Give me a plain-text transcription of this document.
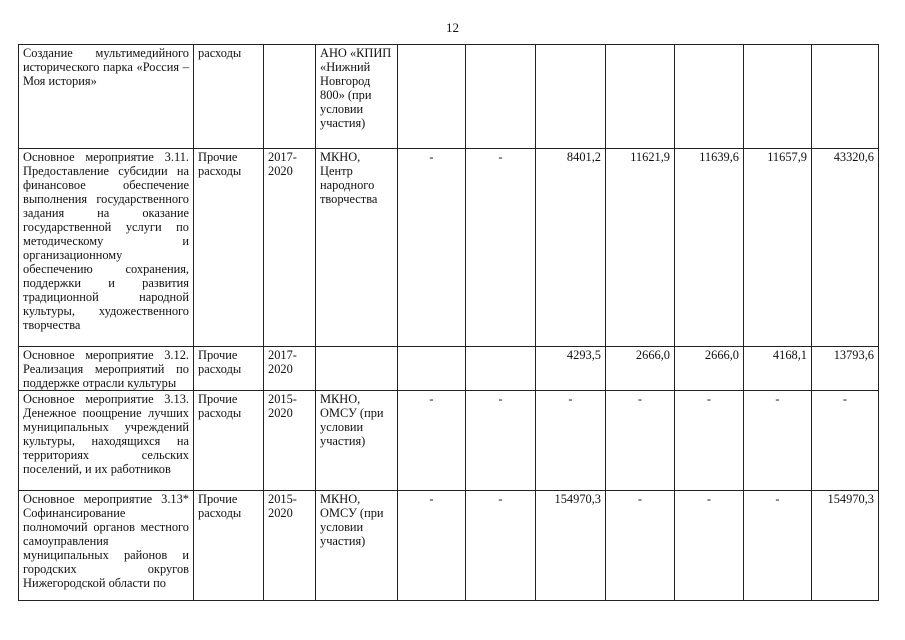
12
Создание мультимедийного исторического парка «Россия – Моя история»	расходы		АНО «КПИП «Нижний Новгород 800» (при условии участия)							
Основное мероприятие 3.11. Предоставление субсидии на финансовое обеспечение выполнения государственного задания на оказание государственной услуги по методическому и организационному обеспечению сохранения, поддержки и развития традиционной народной культуры, художественного творчества	Прочие расходы	2017-2020	МКНО, Центр народного творчества	-	-	8401,2	11621,9	11639,6	11657,9	43320,6
Основное мероприятие 3.12. Реализация мероприятий по поддержке отрасли культуры	Прочие расходы	2017-2020				4293,5	2666,0	2666,0	4168,1	13793,6
Основное мероприятие 3.13. Денежное поощрение лучших муниципальных учреждений культуры, находящихся на территориях сельских поселений, и их работников	Прочие расходы	2015-2020	МКНО, ОМСУ (при условии участия)	-	-	-	-	-	-	-
Основное мероприятие 3.13* Софинансирование полномочий органов местного самоуправления муниципальных районов и городских округов Нижегородской области по	Прочие расходы	2015-2020	МКНО, ОМСУ (при условии участия)	-	-	154970,3	-	-	-	154970,3
